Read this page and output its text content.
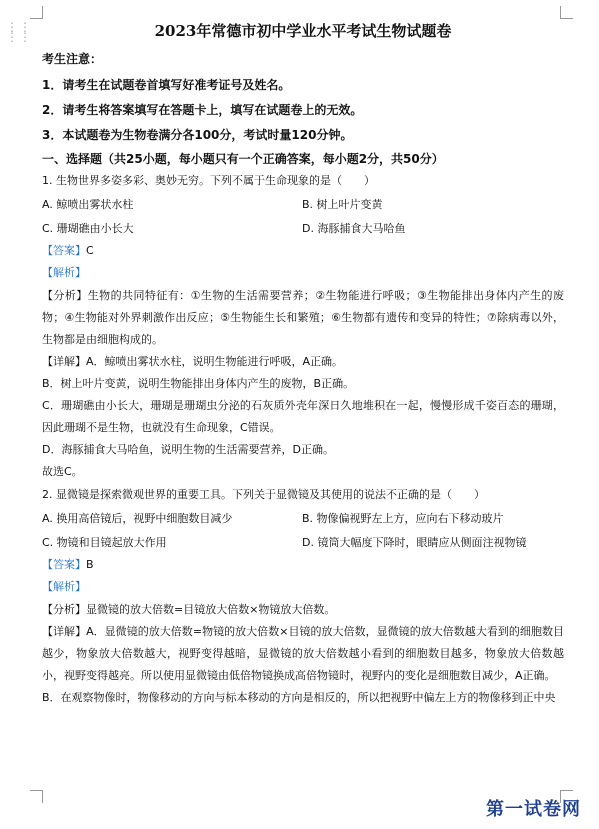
⋮⋮
⋮⋮	2023年常德市初中学业水平考试生物试题卷

考生注意：

1．请考生在试题卷首填写好准考证号及姓名。

2．请考生将答案填写在答题卡上，填写在试题卷上的无效。

3．本试题卷为生物卷满分各100分，考试时量120分钟。

一、选择题（共25小题，每小题只有一个正确答案，每小题2分，共50分）

1. 生物世界多姿多彩、奥妙无穷。下列不属于生命现象的是（　　）

A. 鲸喷出雾状水柱	B. 树上叶片变黄
C. 珊瑚礁由小长大	D. 海豚捕食大马哈鱼

【答案】C

【解析】

【分析】生物的共同特征有：①生物的生活需要营养；②生物能进行呼吸；③生物能排出身体内产生的废物；④生物能对外界刺激作出反应；⑤生物能生长和繁殖；⑥生物都有遗传和变异的特性；⑦除病毒以外，生物都是由细胞构成的。
【详解】A．鲸喷出雾状水柱，说明生物能进行呼吸，A正确。
B．树上叶片变黄，说明生物能排出身体内产生的废物，B正确。
C．珊瑚礁由小长大，珊瑚是珊瑚虫分泌的石灰质外壳年深日久地堆积在一起，慢慢形成千姿百态的珊瑚，因此珊瑚不是生物，也就没有生命现象，C错误。
D．海豚捕食大马哈鱼，说明生物的生活需要营养，D正确。
故选C。

2. 显微镜是探索微观世界的重要工具。下列关于显微镜及其使用的说法不正确的是（　　）

A. 换用高倍镜后，视野中细胞数目减少	B. 物像偏视野左上方，应向右下移动玻片
C. 物镜和目镜起放大作用	D. 镜筒大幅度下降时，眼睛应从侧面注视物镜

【答案】B

【解析】

【分析】显微镜的放大倍数=目镜放大倍数×物镜放大倍数。
【详解】A．显微镜的放大倍数=物镜的放大倍数×目镜的放大倍数，显微镜的放大倍数越大看到的细胞数目越少，物象放大倍数越大，视野变得越暗，显微镜的放大倍数越小看到的细胞数目越多，物象放大倍数越小，视野变得越亮。所以使用显微镜由低倍物镜换成高倍物镜时，视野内的变化是细胞数目减少，A正确。
B．在观察物像时，物像移动的方向与标本移动的方向是相反的，所以把视野中偏左上方的物像移到正中央
第一试卷网
